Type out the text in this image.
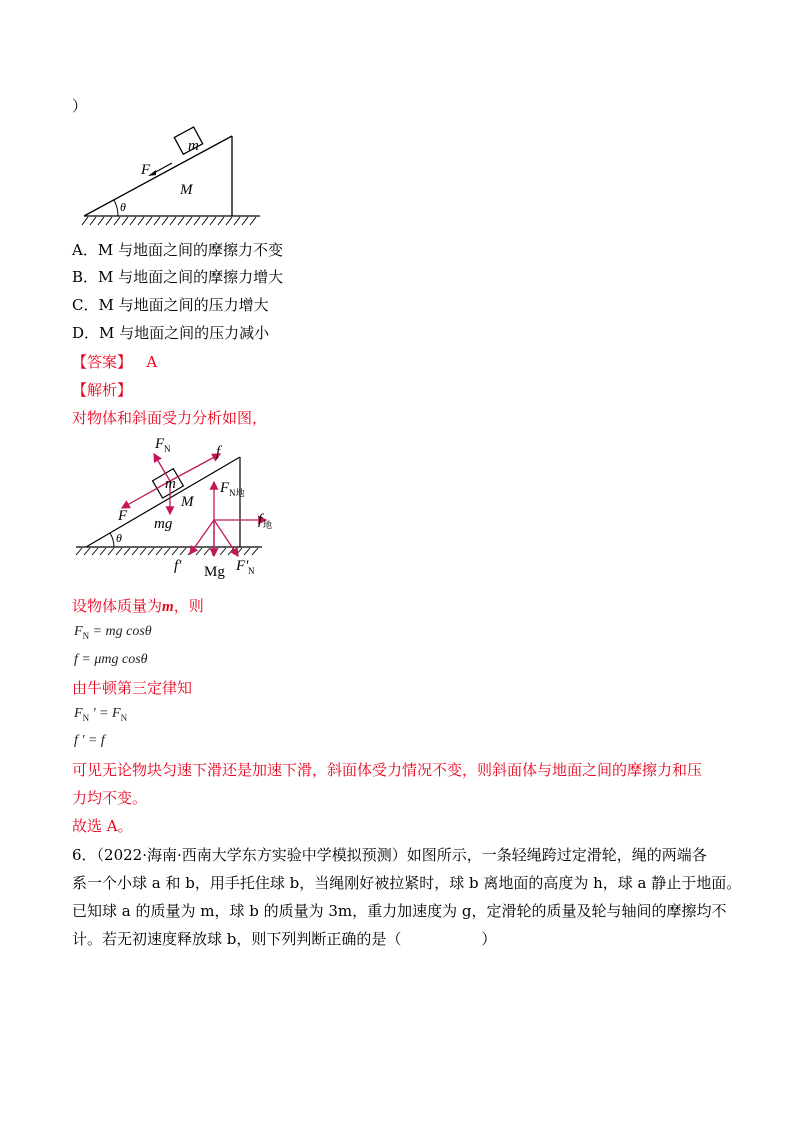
）
m
F
M
θ
A．M 与地面之间的摩擦力不变
B．M 与地面之间的摩擦力增大
C．M 与地面之间的压力增大
D．M 与地面之间的压力减小
【答案】 A
【解析】
对物体和斜面受力分析如图，
F N	f
m
M
F N地
f 地
F mg
θ
f′ Mg F′ N
设物体质量为m，则
$F_N$ = mg cosθ
f = μmg cosθ
由牛顿第三定律知
$F_N$ ' = $F_N$
f ' = f
可见无论物块匀速下滑还是加速下滑，斜面体受力情况不变，则斜面体与地面之间的摩擦力和压
力均不变。
故选 A。
6．（2022·海南·西南大学东方实验中学模拟预测）如图所示，一条轻绳跨过定滑轮，绳的两端各
系一个小球 a 和 b，用手托住球 b，当绳刚好被拉紧时，球 b 离地面的高度为 h，球 a 静止于地面。
已知球 a 的质量为 m，球 b 的质量为 3m，重力加速度为 g，定滑轮的质量及轮与轴间的摩擦均不
计。若无初速度释放球 b，则下列判断正确的是（	）
